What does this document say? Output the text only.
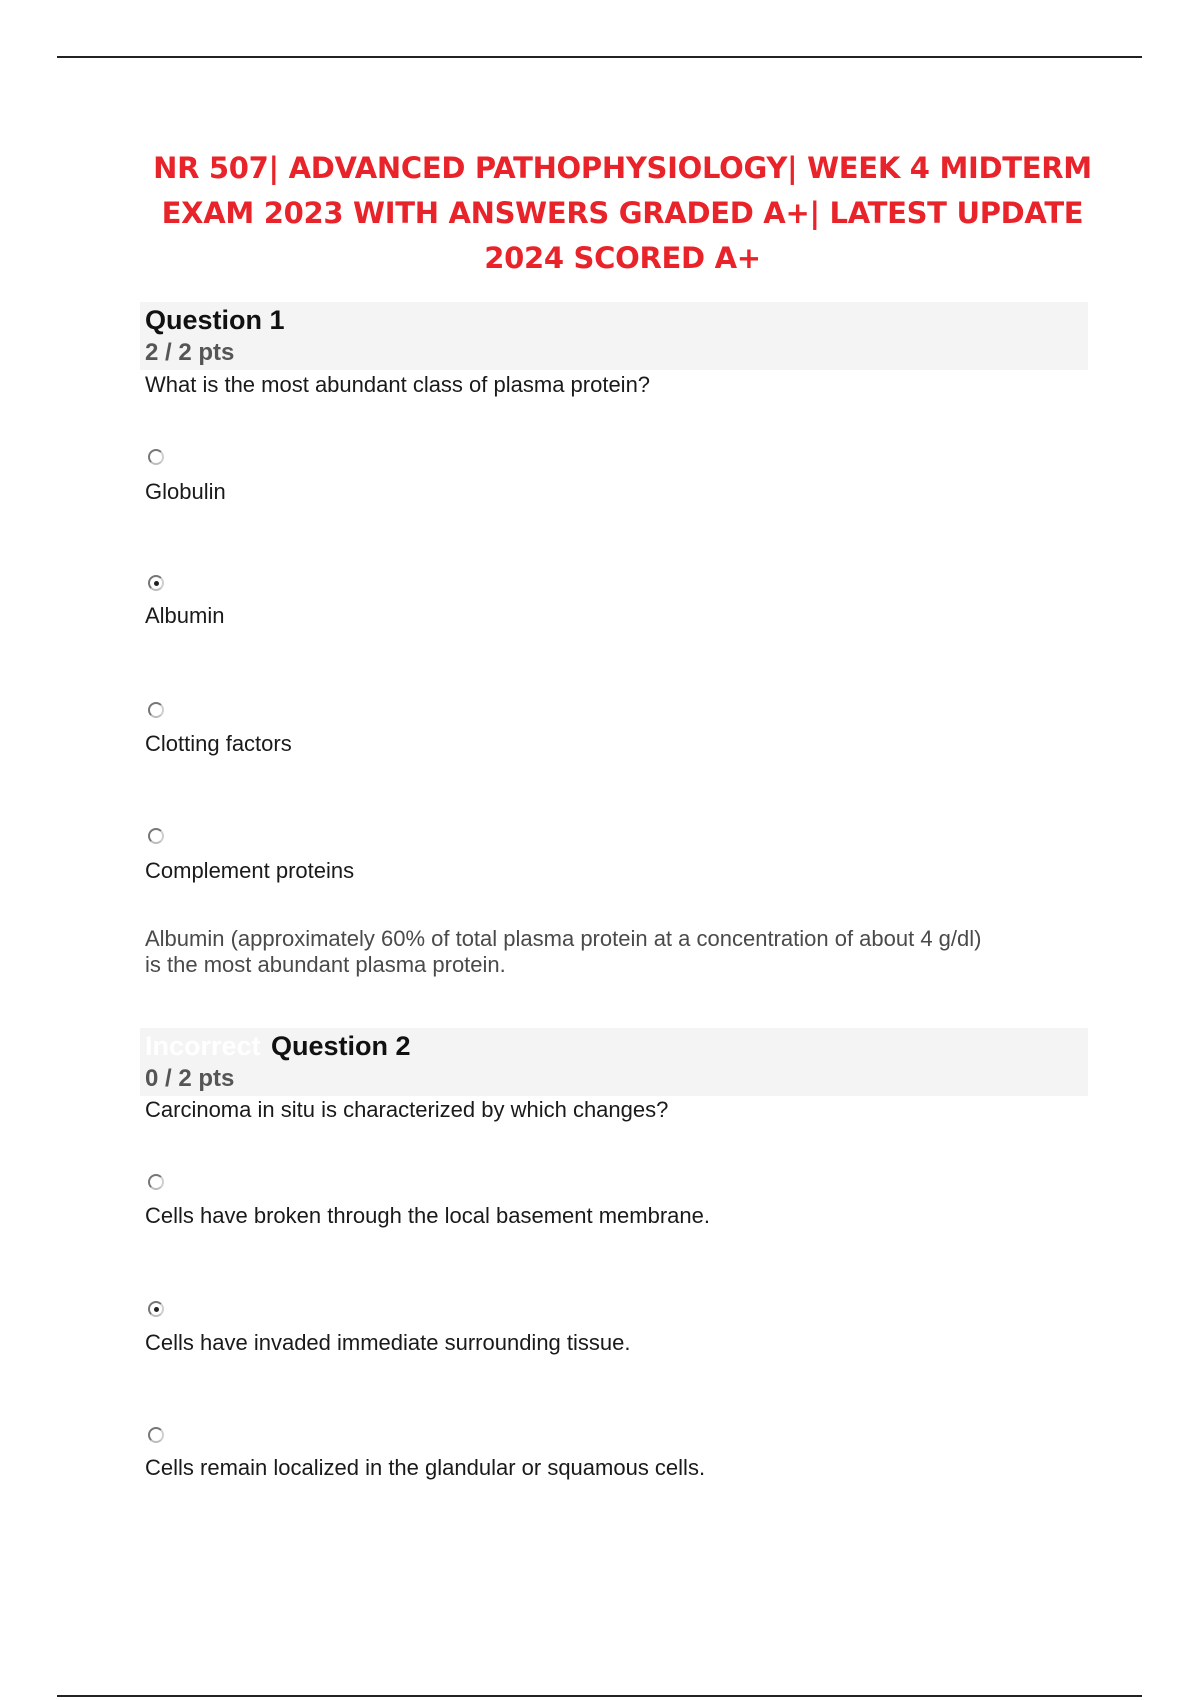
NR 507| ADVANCED PATHOPHYSIOLOGY| WEEK 4 MIDTERM
EXAM 2023 WITH ANSWERS GRADED A+| LATEST UPDATE
2024 SCORED A+
Question 1
2 / 2 pts
What is the most abundant class of plasma protein?
Globulin
Albumin
Clotting factors
Complement proteins
Albumin (approximately 60% of total plasma protein at a concentration of about 4 g/dl)
is the most abundant plasma protein.
Incorrect Question 2
0 / 2 pts
Carcinoma in situ is characterized by which changes?
Cells have broken through the local basement membrane.
Cells have invaded immediate surrounding tissue.
Cells remain localized in the glandular or squamous cells.
